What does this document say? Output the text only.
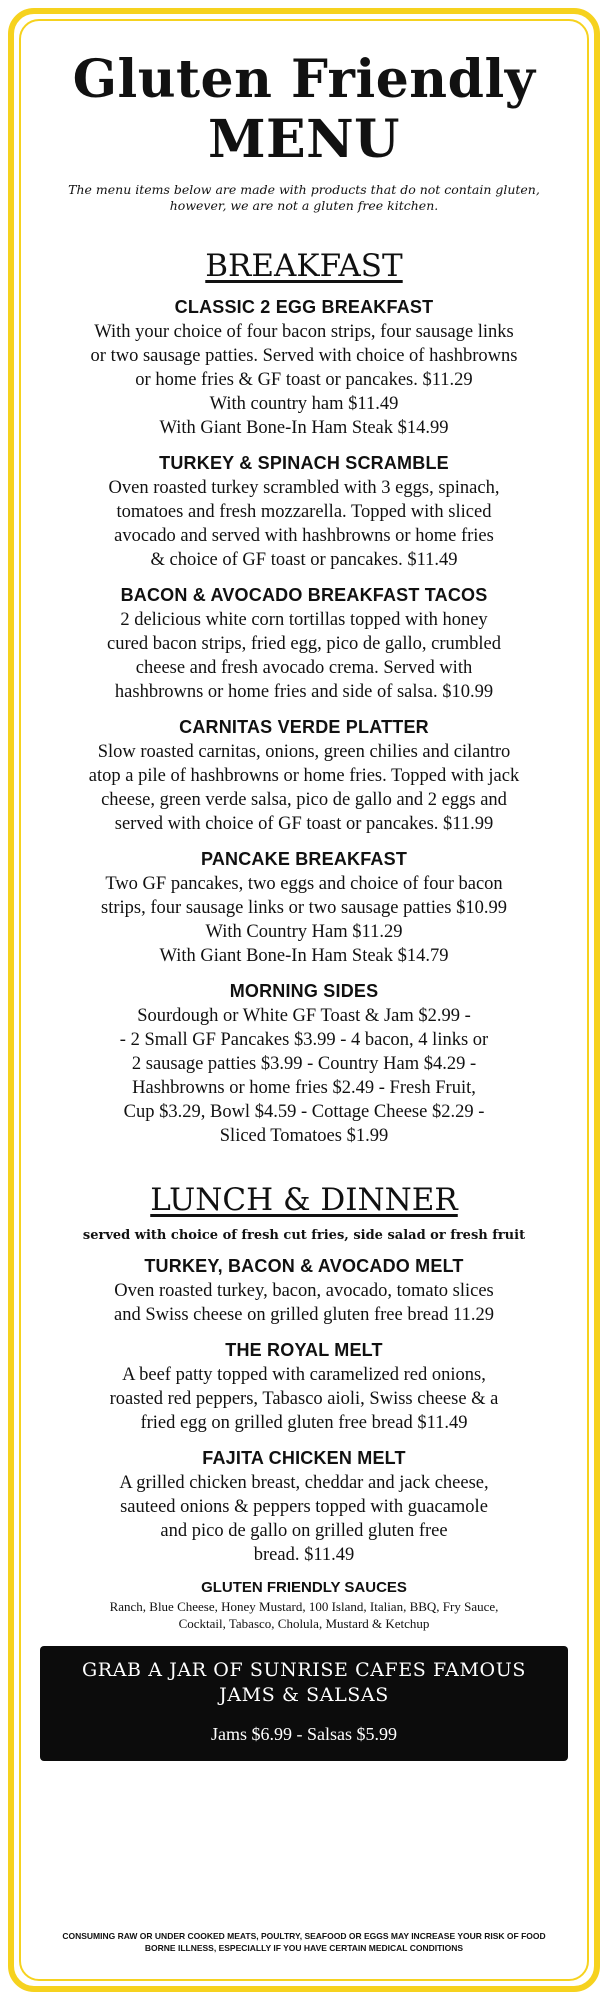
Gluten Friendly
MENU
The menu items below are made with products that do not contain gluten, however, we are not a gluten free kitchen.
BREAKFAST
CLASSIC 2 EGG BREAKFAST
With your choice of four bacon strips, four sausage links
or two sausage patties. Served with choice of hashbrowns
or home fries & GF toast or pancakes. $11.29
With country ham $11.49
With Giant Bone-In Ham Steak $14.99
TURKEY & SPINACH SCRAMBLE
Oven roasted turkey scrambled with 3 eggs, spinach,
tomatoes and fresh mozzarella. Topped with sliced
avocado and served with hashbrowns or home fries
& choice of GF toast or pancakes. $11.49
BACON & AVOCADO BREAKFAST TACOS
2 delicious white corn tortillas topped with honey
cured bacon strips, fried egg, pico de gallo, crumbled
cheese and fresh avocado crema. Served with
hashbrowns or home fries and side of salsa. $10.99
CARNITAS VERDE PLATTER
Slow roasted carnitas, onions, green chilies and cilantro
atop a pile of hashbrowns or home fries. Topped with jack
cheese, green verde salsa, pico de gallo and 2 eggs and
served with choice of GF toast or pancakes. $11.99
PANCAKE BREAKFAST
Two GF pancakes, two eggs and choice of four bacon
strips, four sausage links or two sausage patties $10.99
With Country Ham $11.29
With Giant Bone-In Ham Steak $14.79
MORNING SIDES
Sourdough or White GF Toast & Jam $2.99 -
- 2 Small GF Pancakes $3.99 - 4 bacon, 4 links or
2 sausage patties $3.99 - Country Ham $4.29 -
Hashbrowns or home fries $2.49 - Fresh Fruit,
Cup $3.29, Bowl $4.59 - Cottage Cheese $2.29 -
Sliced Tomatoes $1.99
LUNCH & DINNER
served with choice of fresh cut fries, side salad or fresh fruit
TURKEY, BACON & AVOCADO MELT
Oven roasted turkey, bacon, avocado, tomato slices
and Swiss cheese on grilled gluten free bread 11.29
THE ROYAL MELT
A beef patty topped with caramelized red onions,
roasted red peppers, Tabasco aioli, Swiss cheese & a
fried egg on grilled gluten free bread $11.49
FAJITA CHICKEN MELT
A grilled chicken breast, cheddar and jack cheese,
sauteed onions & peppers topped with guacamole
and pico de gallo on grilled gluten free
bread. $11.49
GLUTEN FRIENDLY SAUCES
Ranch, Blue Cheese, Honey Mustard, 100 Island, Italian, BBQ, Fry Sauce,
Cocktail, Tabasco, Cholula, Mustard & Ketchup
GRAB A JAR OF SUNRISE CAFES FAMOUS
JAMS & SALSAS
Jams $6.99 - Salsas $5.99
CONSUMING RAW OR UNDER COOKED MEATS, POULTRY, SEAFOOD OR EGGS MAY INCREASE YOUR RISK OF FOOD
BORNE ILLNESS, ESPECIALLY IF YOU HAVE CERTAIN MEDICAL CONDITIONS
